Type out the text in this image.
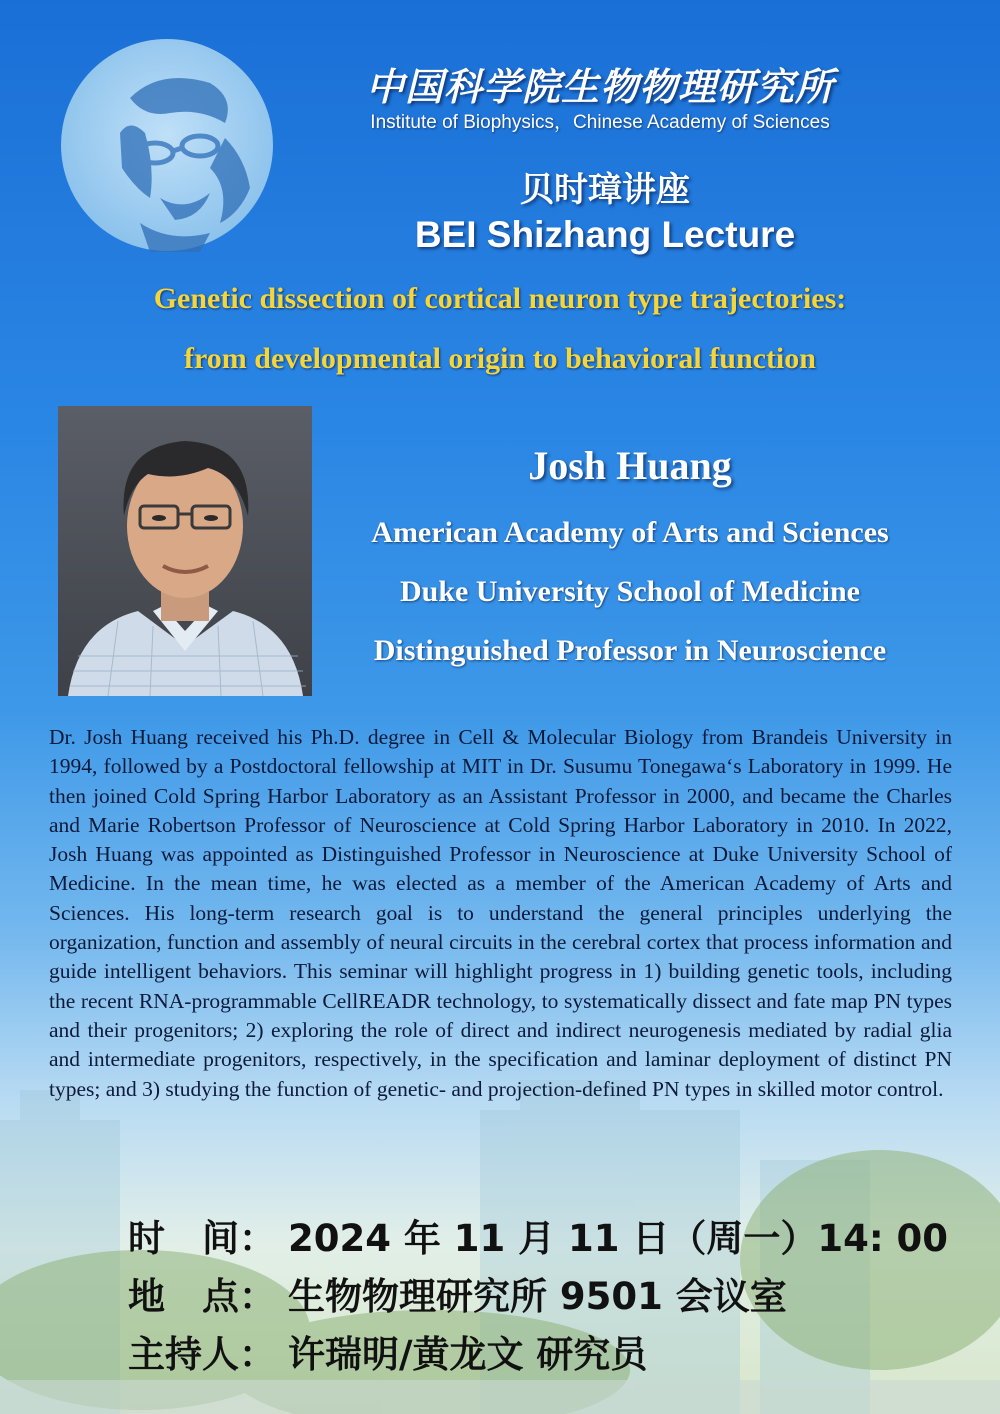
中国科学院生物物理研究所
Institute of Biophysics，Chinese Academy of Sciences
贝时璋讲座
BEI Shizhang Lecture
Genetic dissection of cortical neuron type trajectories:
from developmental origin to behavioral function
Josh Huang
American Academy of Arts and Sciences
Duke University School of Medicine
Distinguished Professor in Neuroscience
Dr. Josh Huang received his Ph.D. degree in Cell & Molecular Biology from Brandeis University in 1994, followed by a Postdoctoral fellowship at MIT in Dr. Susumu Tonegawa‘s Laboratory in 1999. He then joined Cold Spring Harbor Laboratory as an Assistant Professor in 2000, and became the Charles and Marie Robertson Professor of Neuroscience at Cold Spring Harbor Laboratory in 2010. In 2022, Josh Huang was appointed as Distinguished Professor in Neuroscience at Duke University School of Medicine. In the mean time, he was elected as a member of the American Academy of Arts and Sciences. His long-term research goal is to understand the general principles underlying the organization, function and assembly of neural circuits in the cerebral cortex that process information and guide intelligent behaviors. This seminar will highlight progress in 1) building genetic tools, including the recent RNA-programmable CellREADR technology, to systematically dissect and fate map PN types and their progenitors; 2) exploring the role of direct and indirect neurogenesis mediated by radial glia and intermediate progenitors, respectively, in the specification and laminar deployment of distinct PN types; and 3) studying the function of genetic- and projection-defined PN types in skilled motor control.
时　间： 2024 年 11 月 11 日（周一）14: 00
地　点： 生物物理研究所 9501 会议室
主持人： 许瑞明/黄龙文 研究员
